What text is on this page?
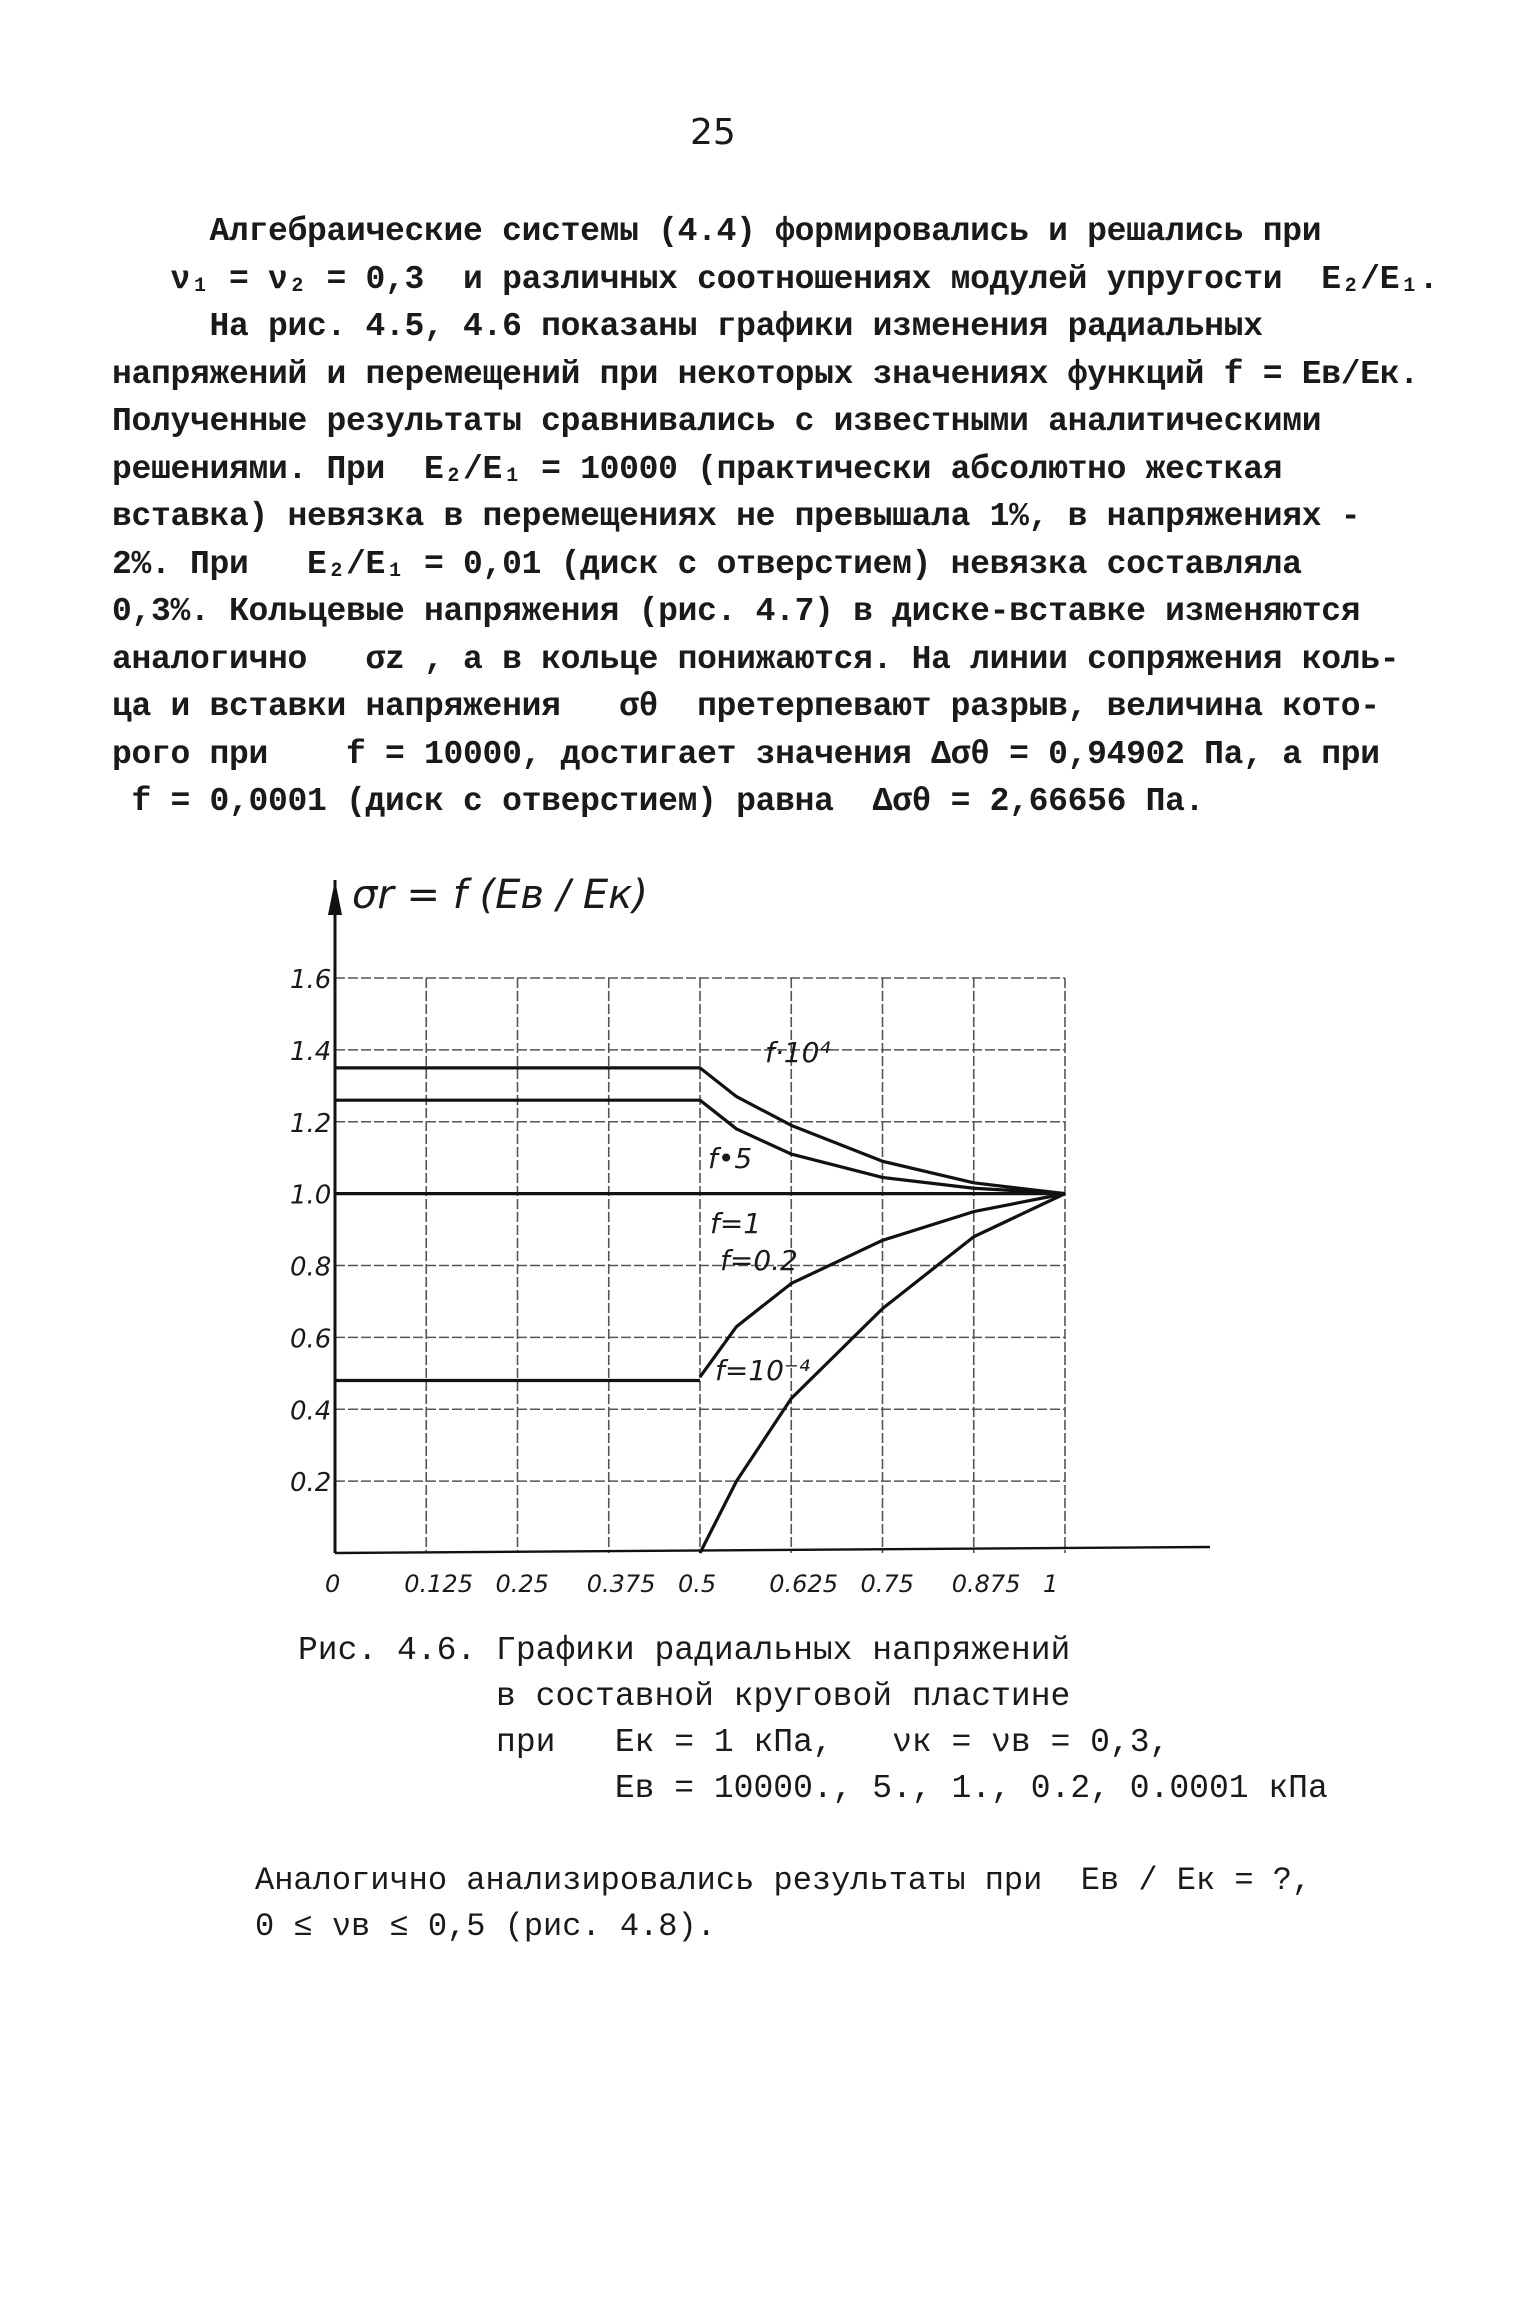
25
Алгебраические системы (4.4) формировались и решались при
ν₁ = ν₂ = 0,3  и различных соотношениях модулей упругости  E₂/E₁.
На рис. 4.5, 4.6 показаны графики изменения радиальных
напряжений и перемещений при некоторых значениях функций f = Eв/Eк.
Полученные результаты сравнивались с известными аналитическими
решениями. При  E₂/E₁ = 10000 (практически абсолютно жесткая
вставка) невязка в перемещениях не превышала 1%, в напряжениях -
2%. При   E₂/E₁ = 0,01 (диск с отверстием) невязка составляла
0,3%. Кольцевые напряжения (рис. 4.7) в диске-вставке изменяются
аналогично   σz , а в кольце понижаются. На линии сопряжения коль-
ца и вставки напряжения   σθ  претерпевают разрыв, величина кото-
рого при    f = 10000, достигает значения Δσθ = 0,94902 Па, а при
f = 0,0001 (диск с отверстием) равна  Δσθ = 2,66656 Па.
1.6
1.4
1.2
1.0
0.8
0.6
0.4
0.2
0	0.125 0.25 0.375 0.5 0.625 0.75 0.875 1
σr = f (Eв / Eк)
f·10⁴
f•5
f=1
f=0.2
f=10⁻⁴
Рис. 4.6. Графики радиальных напряжений
в составной круговой пластине
при   Eк = 1 кПа,   νк = νв = 0,3,
Eв = 10000., 5., 1., 0.2, 0.0001 кПа
Аналогично анализировались результаты при  Eв / Eк = ?,
0 ≤ νв ≤ 0,5 (рис. 4.8).
